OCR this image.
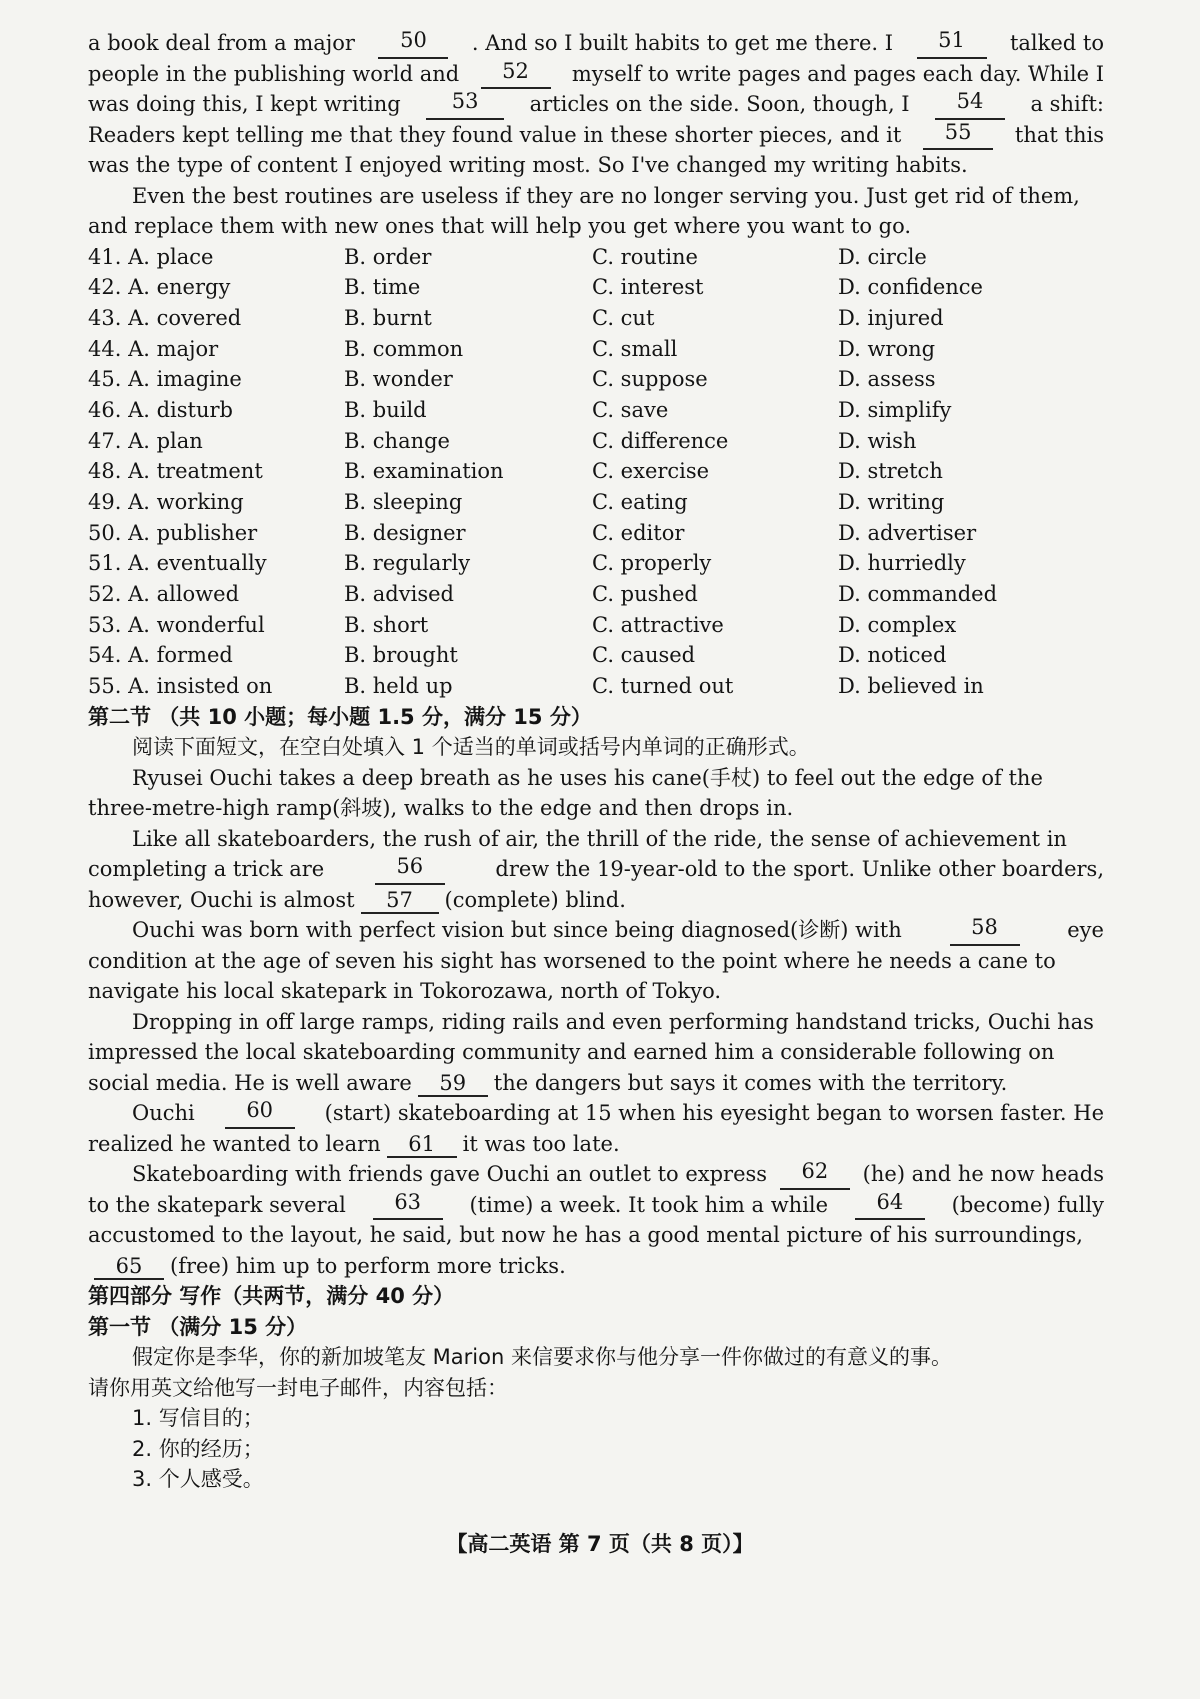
a book deal from a major	50	. And so I built habits to get me there. I	51	talked to
people in the publishing world and	52	myself to write pages and pages each day. While I
was doing this, I kept writing	53	articles on the side. Soon, though, I	54	a shift:
Readers kept telling me that they found value in these shorter pieces, and it	55	that this
was the type of content I enjoyed writing most. So I've changed my writing habits.
Even the best routines are useless if they are no longer serving you. Just get rid of them,
and replace them with new ones that will help you get where you want to go.
41. A. place	B. order	C. routine	D. circle
42. A. energy	B. time	C. interest	D. confidence
43. A. covered	B. burnt	C. cut	D. injured
44. A. major	B. common	C. small	D. wrong
45. A. imagine	B. wonder	C. suppose	D. assess
46. A. disturb	B. build	C. save	D. simplify
47. A. plan	B. change	C. difference	D. wish
48. A. treatment	B. examination	C. exercise	D. stretch
49. A. working	B. sleeping	C. eating	D. writing
50. A. publisher	B. designer	C. editor	D. advertiser
51. A. eventually	B. regularly	C. properly	D. hurriedly
52. A. allowed	B. advised	C. pushed	D. commanded
53. A. wonderful	B. short	C. attractive	D. complex
54. A. formed	B. brought	C. caused	D. noticed
55. A. insisted on	B. held up	C. turned out	D. believed in
第二节 （共 10 小题；每小题 1.5 分，满分 15 分）
阅读下面短文，在空白处填入 1 个适当的单词或括号内单词的正确形式。
Ryusei Ouchi takes a deep breath as he uses his cane(手杖) to feel out the edge of the
three-metre-high ramp(斜坡), walks to the edge and then drops in.
Like all skateboarders, the rush of air, the thrill of the ride, the sense of achievement in
completing a trick are	56	drew the 19-year-old to the sport. Unlike other boarders,
however, Ouchi is almost 57 (complete) blind.
Ouchi was born with perfect vision but since being diagnosed(诊断) with	58	eye
condition at the age of seven his sight has worsened to the point where he needs a cane to
navigate his local skatepark in Tokorozawa, north of Tokyo.
Dropping in off large ramps, riding rails and even performing handstand tricks, Ouchi has
impressed the local skateboarding community and earned him a considerable following on
social media. He is well aware 59 the dangers but says it comes with the territory.
Ouchi	60	(start) skateboarding at 15 when his eyesight began to worsen faster. He
realized he wanted to learn 61 it was too late.
Skateboarding with friends gave Ouchi an outlet to express	62	(he) and he now heads
to the skatepark several	63	(time) a week. It took him a while	64	(become) fully
accustomed to the layout, he said, but now he has a good mental picture of his surroundings,
65 (free) him up to perform more tricks.
第四部分 写作（共两节，满分 40 分）
第一节 （满分 15 分）
假定你是李华，你的新加坡笔友 Marion 来信要求你与他分享一件你做过的有意义的事。
请你用英文给他写一封电子邮件，内容包括：
1. 写信目的；
2. 你的经历；
3. 个人感受。
【高二英语 第 7 页（共 8 页）】
